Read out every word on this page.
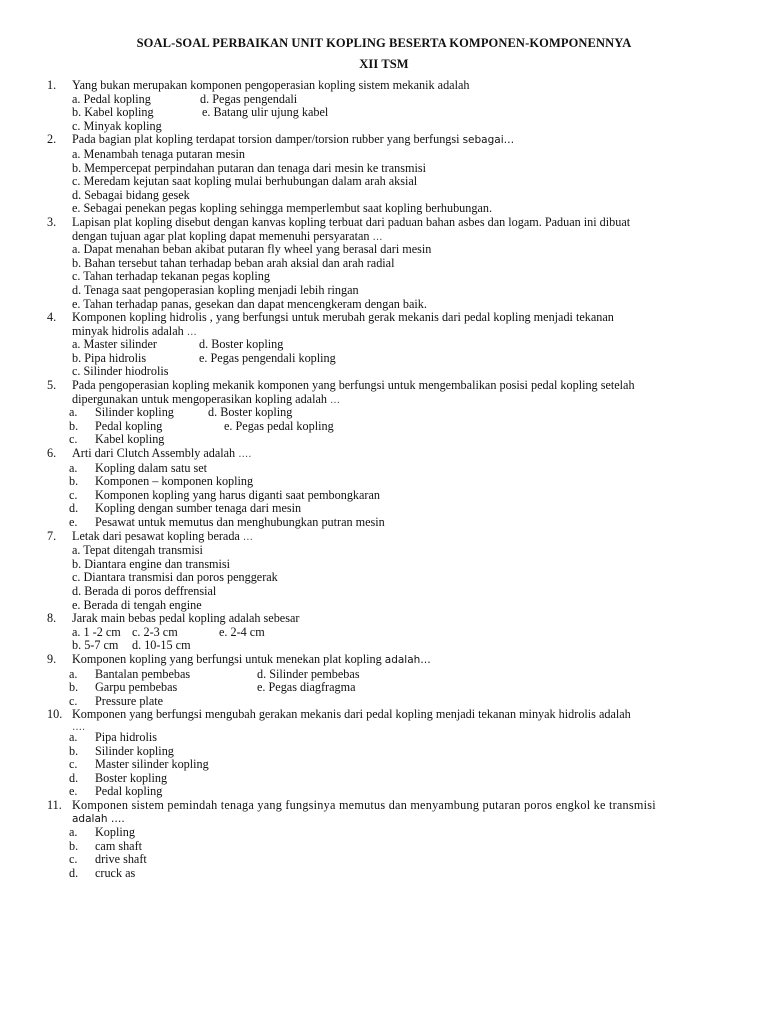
SOAL-SOAL PERBAIKAN UNIT KOPLING BESERTA KOMPONEN-KOMPONENNYA
XII TSM
1.	Yang bukan merupakan komponen pengoperasian kopling sistem mekanik adalah
a. Pedal kopling	d. Pegas pengendali
b. Kabel kopling	e. Batang ulir ujung kabel
c. Minyak kopling
2.	Pada bagian plat kopling terdapat torsion damper/torsion rubber yang berfungsi sebagai…
a. Menambah tenaga putaran mesin
b. Mempercepat perpindahan putaran dan tenaga dari mesin ke transmisi
c. Meredam kejutan saat kopling mulai berhubungan dalam arah aksial
d. Sebagai bidang gesek
e. Sebagai penekan pegas kopling sehingga memperlembut saat kopling berhubungan.
3.	Lapisan plat kopling disebut dengan kanvas kopling terbuat dari paduan bahan asbes dan logam. Paduan ini dibuat
dengan tujuan agar plat kopling dapat memenuhi persyaratan …
a. Dapat menahan beban akibat putaran fly wheel yang berasal dari mesin
b. Bahan tersebut tahan terhadap beban arah aksial dan arah radial
c. Tahan terhadap tekanan pegas kopling
d. Tenaga saat pengoperasian kopling menjadi lebih ringan
e. Tahan terhadap panas, gesekan dan dapat mencengkeram dengan baik.
4.	Komponen kopling hidrolis , yang berfungsi untuk merubah gerak mekanis dari pedal kopling menjadi tekanan
minyak hidrolis adalah …
a. Master silinder	d. Boster kopling
b. Pipa hidrolis	e. Pegas pengendali kopling
c. Silinder hiodrolis
5.	Pada pengoperasian kopling mekanik komponen yang berfungsi untuk mengembalikan posisi pedal kopling setelah
dipergunakan untuk mengoperasikan kopling adalah …
a. Silinder kopling	d. Boster kopling
b. Pedal kopling	e. Pegas pedal kopling
c. Kabel kopling
6.	Arti dari Clutch Assembly adalah ….
a. Kopling dalam satu set
b. Komponen – komponen kopling
c. Komponen kopling yang harus diganti saat pembongkaran
d. Kopling dengan sumber tenaga dari mesin
e. Pesawat untuk memutus dan menghubungkan putran mesin
7.	Letak dari pesawat kopling berada …
a. Tepat ditengah transmisi
b. Diantara engine dan transmisi
c. Diantara transmisi dan poros penggerak
d. Berada di poros deffrensial
e. Berada di tengah engine
8.	Jarak main bebas pedal kopling adalah sebesar
a. 1 -2 cm c. 2-3 cm	e. 2-4 cm
b. 5-7 cm d. 10-15 cm
9.	Komponen kopling yang berfungsi untuk menekan plat kopling adalah…
a. Bantalan pembebas	d. Silinder pembebas
b. Garpu pembebas	e. Pegas diagfragma
c. Pressure plate
10. Komponen yang berfungsi mengubah gerakan mekanis dari pedal kopling menjadi tekanan minyak hidrolis adalah
….
a. Pipa hidrolis
b. Silinder kopling
c. Master silinder kopling
d. Boster kopling
e. Pedal kopling
11. Komponen sistem pemindah tenaga yang fungsinya memutus dan menyambung putaran poros engkol ke transmisi
adalah ….
a. Kopling
b. cam shaft
c. drive shaft
d. cruck as
